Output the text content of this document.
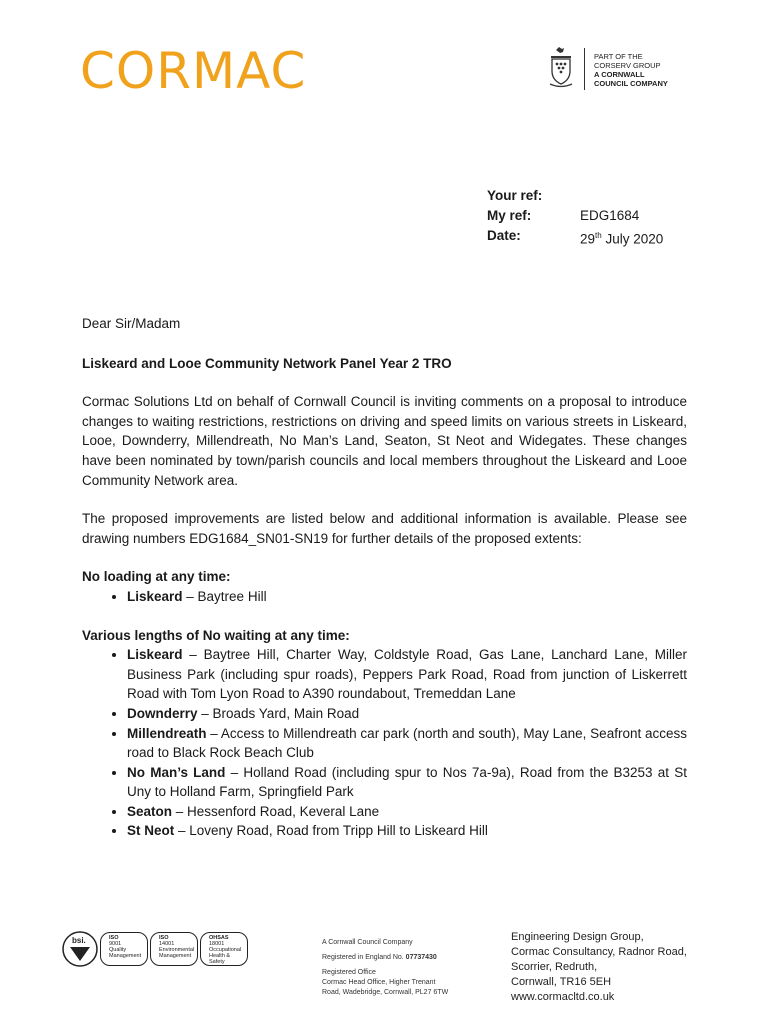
CORMAC	PART OF THE
CORSERV GROUP
A CORNWALL
COUNCIL COMPANY
Your ref:
My ref:	EDG1684
Date:	29th July 2020

Dear Sir/Madam

Liskeard and Looe Community Network Panel Year 2 TRO

Cormac Solutions Ltd on behalf of Cornwall Council is inviting comments on a proposal to introduce changes to waiting restrictions, restrictions on driving and speed limits on various streets in Liskeard, Looe, Downderry, Millendreath, No Man’s Land, Seaton, St Neot and Widegates. These changes have been nominated by town/parish councils and local members throughout the Liskeard and Looe Community Network area.

The proposed improvements are listed below and additional information is available. Please see drawing numbers EDG1684_SN01-SN19 for further details of the proposed extents:

No loading at any time:

• Liskeard – Baytree Hill

Various lengths of No waiting at any time:

• Liskeard – Baytree Hill, Charter Way, Coldstyle Road, Gas Lane, Lanchard Lane, Miller Business Park (including spur roads), Peppers Park Road, Road from junction of Liskerrett Road with Tom Lyon Road to A390 roundabout, Tremeddan Lane
• Downderry – Broads Yard, Main Road
• Millendreath – Access to Millendreath car park (north and south), May Lane, Seafront access road to Black Rock Beach Club
• No Man’s Land – Holland Road (including spur to Nos 7a-9a), Road from the B3253 at St Uny to Holland Farm, Springfield Park
• Seaton – Hessenford Road, Keveral Lane
• St Neot – Loveny Road, Road from Tripp Hill to Liskeard Hill
bsi.	ISO
9001
Quality
Management
ISO
14001
Environmental
Management
OHSAS
18001
Occupational
Health & Safety
A Cornwall Council Company
Registered in England No. 07737430
Registered Office
Cormac Head Office, Higher Trenant
Road, Wadebridge, Cornwall, PL27 6TW
Engineering Design Group,
Cormac Consultancy, Radnor Road,
Scorrier, Redruth,
Cornwall, TR16 5EH
www.cormacltd.co.uk
